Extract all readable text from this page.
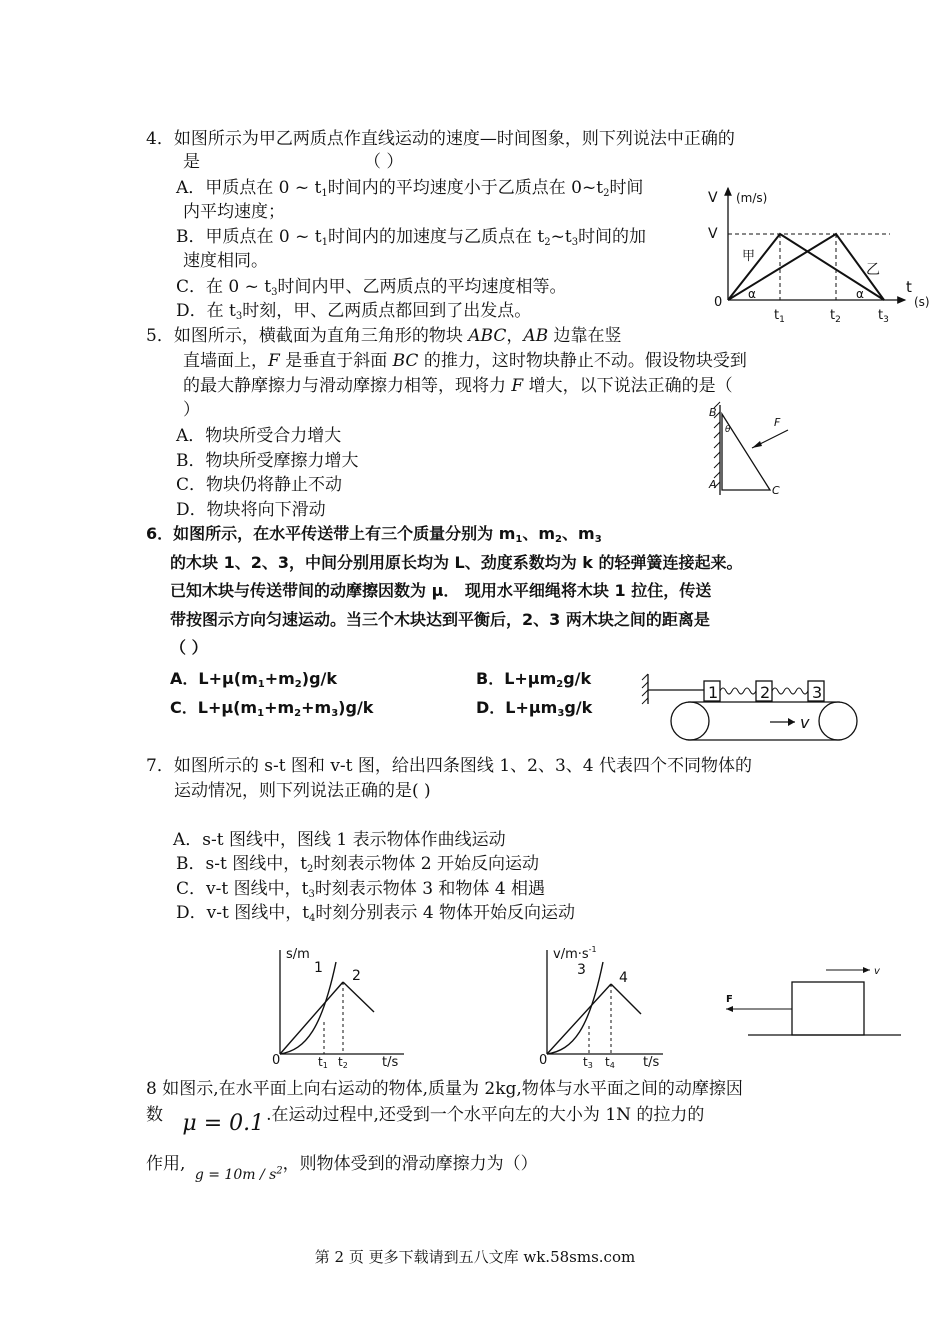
4．如图所示为甲乙两质点作直线运动的速度—时间图象，则下列说法中正确的
是	（ ）
A．甲质点在 0 ~ $t_1$时间内的平均速度小于乙质点在 $0\sim t_2$时间
内平均速度；
B．甲质点在 0 ~ $t_1$时间内的加速度与乙质点在 $t_2\sim t_3$时间的加
速度相同。
C．在 0 ~ $t_3$时间内甲、乙两质点的平均速度相等。
D．在 $t_3$时刻，甲、乙两质点都回到了出发点。
V (m/s)
V
t
(s)
0
甲
乙
α	α
$t_1$	$t_2$	$t_3$
5．如图所示，横截面为直角三角形的物块 ABC，AB 边靠在竖
直墙面上，F 是垂直于斜面 BC 的推力，这时物块静止不动。假设物块受到
的最大静摩擦力与滑动摩擦力相等，现将力 F 增大，以下说法正确的是（
）
A．物块所受合力增大
B．物块所受摩擦力增大
C．物块仍将静止不动
D．物块将向下滑动
B
A	C
F
θ
6．如图所示，在水平传送带上有三个质量分别为 $m_1$、$m_2$、$m_3$
的木块 1、2、3，中间分别用原长均为 L、劲度系数均为 k 的轻弹簧连接起来。
已知木块与传送带间的动摩擦因数为 μ． 现用水平细绳将木块 1 拉住，传送
带按图示方向匀速运动。当三个木块达到平衡后，2、3 两木块之间的距离是
（ ）
A．$L+\mu(m_1+m_2)g/k$	B．$L+\mu m_2g/k$
C．$L+\mu(m_1+m_2+m_3)g/k$	D．$L+\mu m_3g/k$
1	2	3
v
7．如图所示的 s-t 图和 v-t 图，给出四条图线 1、2、3、4 代表四个不同物体的
运动情况，则下列说法正确的是( )
A．s-t 图线中，图线 1 表示物体作曲线运动
B．s-t 图线中，$t_2$时刻表示物体 2 开始反向运动
C．v-t 图线中，$t_3$时刻表示物体 3 和物体 4 相遇
D．v-t 图线中，$t_4$时刻分别表示 4 物体开始反向运动
s/m
t/s
0
1 2
t1 t2
$v/m\cdot s^{-1}$
t/s
0
3 4
t3 t4
v
F
8 如图示,在水平面上向右运动的物体,质量为 2kg,物体与水平面之间的动摩擦因
数 μ = 0.1 .在运动过程中,还受到一个水平向左的大小为 1N 的拉力的
作用, $g = 10m / s^2$，则物体受到的滑动摩擦力为（）
第 2 页 更多下载请到五八文库 wk.58sms.com
